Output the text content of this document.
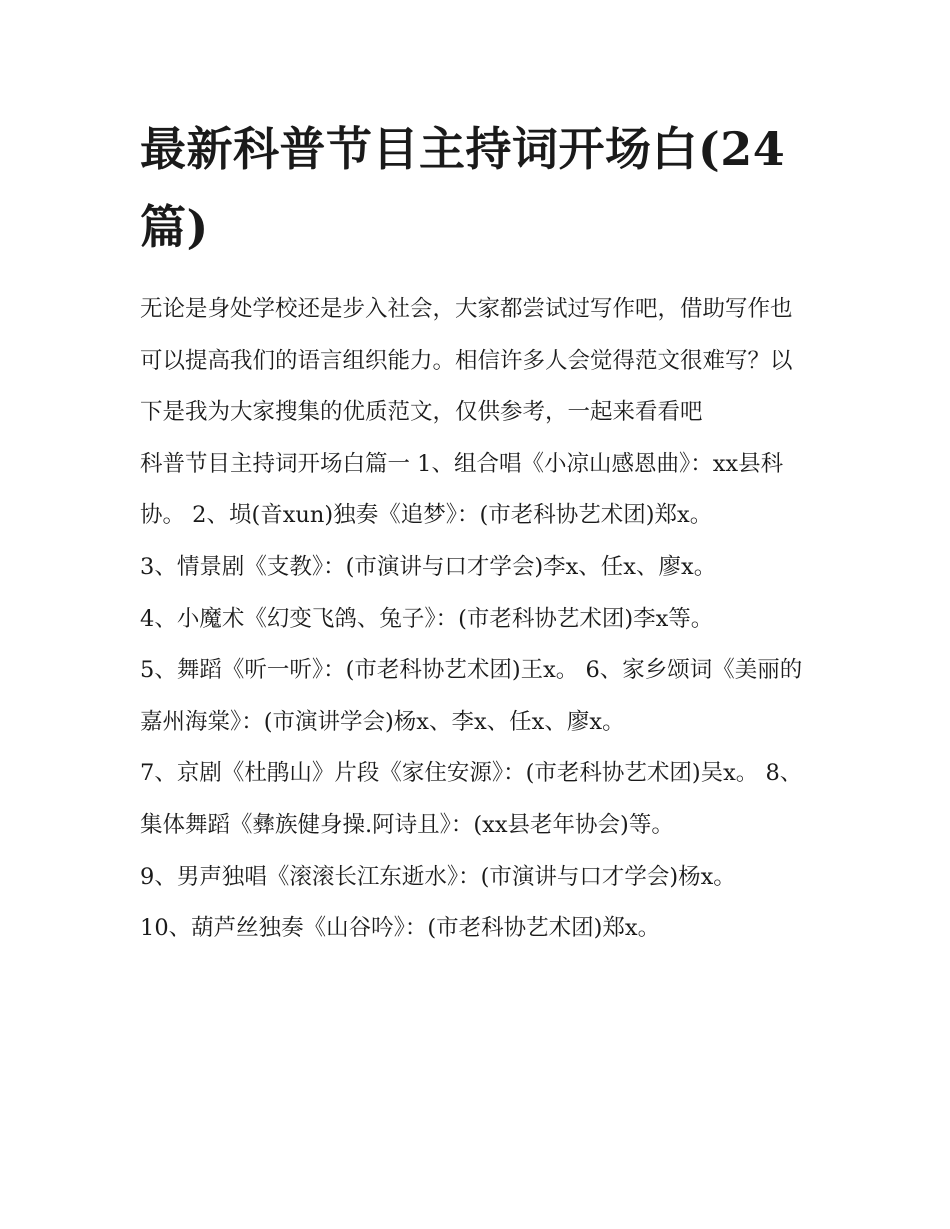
最新科普节目主持词开场白(24篇)

无论是身处学校还是步入社会，大家都尝试过写作吧，借助写作也可以提高我们的语言组织能力。相信许多人会觉得范文很难写？以下是我为大家搜集的优质范文，仅供参考，一起来看看吧

科普节目主持词开场白篇一 1、组合唱《小凉山感恩曲》：xx县科协。 2、埙(音xun)独奏《追梦》：(市老科协艺术团)郑x。

3、情景剧《支教》：(市演讲与口才学会)李x、任x、廖x。

4、小魔术《幻变飞鸽、兔子》：(市老科协艺术团)李x等。

5、舞蹈《听一听》：(市老科协艺术团)王x。 6、家乡颂词《美丽的嘉州海棠》：(市演讲学会)杨x、李x、任x、廖x。

7、京剧《杜鹃山》片段《家住安源》：(市老科协艺术团)吴x。 8、集体舞蹈《彝族健身操.阿诗且》：(xx县老年协会)等。

9、男声独唱《滚滚长江东逝水》：(市演讲与口才学会)杨x。

10、葫芦丝独奏《山谷吟》：(市老科协艺术团)郑x。
